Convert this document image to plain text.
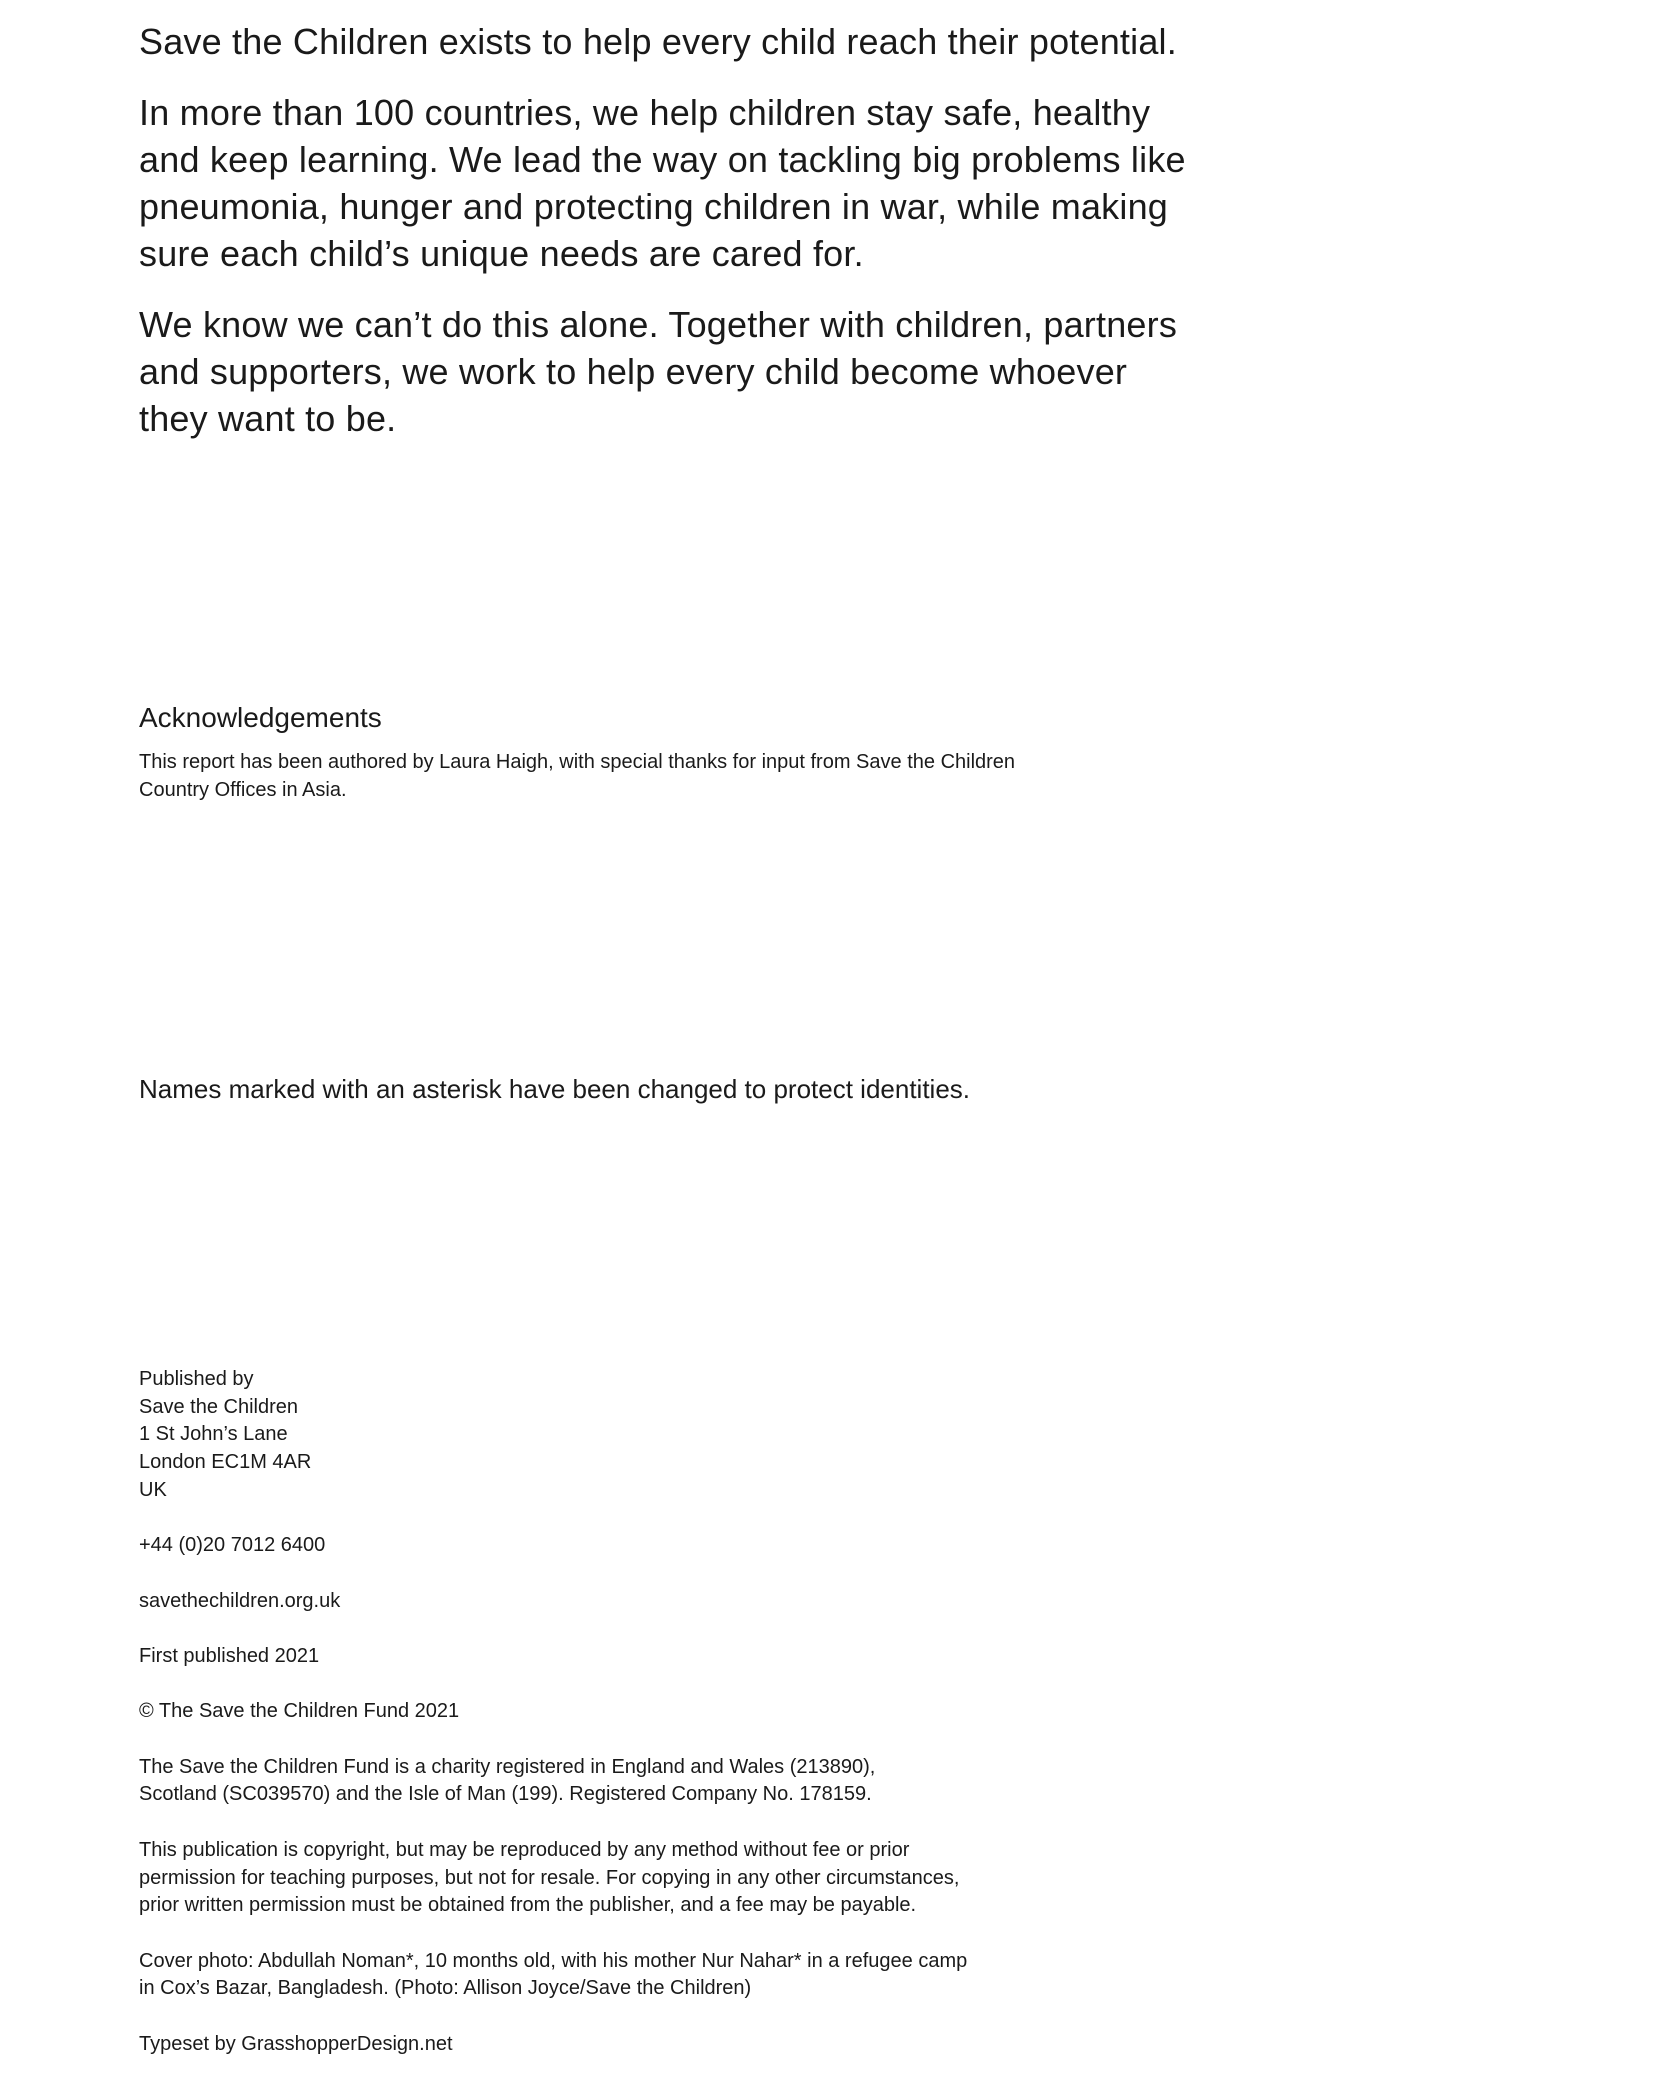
Save the Children exists to help every child reach their potential.

In more than 100 countries, we help children stay safe, healthy
and keep learning. We lead the way on tackling big problems like
pneumonia, hunger and protecting children in war, while making
sure each child’s unique needs are cared for.

We know we can’t do this alone. Together with children, partners
and supporters, we work to help every child become whoever
they want to be.

Acknowledgements

This report has been authored by Laura Haigh, with special thanks for input from Save the Children
Country Offices in Asia.

Names marked with an asterisk have been changed to protect identities.

Published by
Save the Children
1 St John’s Lane
London EC1M 4AR
UK
+44 (0)20 7012 6400
savethechildren.org.uk
First published 2021
© The Save the Children Fund 2021
The Save the Children Fund is a charity registered in England and Wales (213890),
Scotland (SC039570) and the Isle of Man (199). Registered Company No. 178159.
This publication is copyright, but may be reproduced by any method without fee or prior
permission for teaching purposes, but not for resale. For copying in any other circumstances,
prior written permission must be obtained from the publisher, and a fee may be payable.
Cover photo: Abdullah Noman*, 10 months old, with his mother Nur Nahar* in a refugee camp
in Cox’s Bazar, Bangladesh. (Photo: Allison Joyce/Save the Children)
Typeset by GrasshopperDesign.net
